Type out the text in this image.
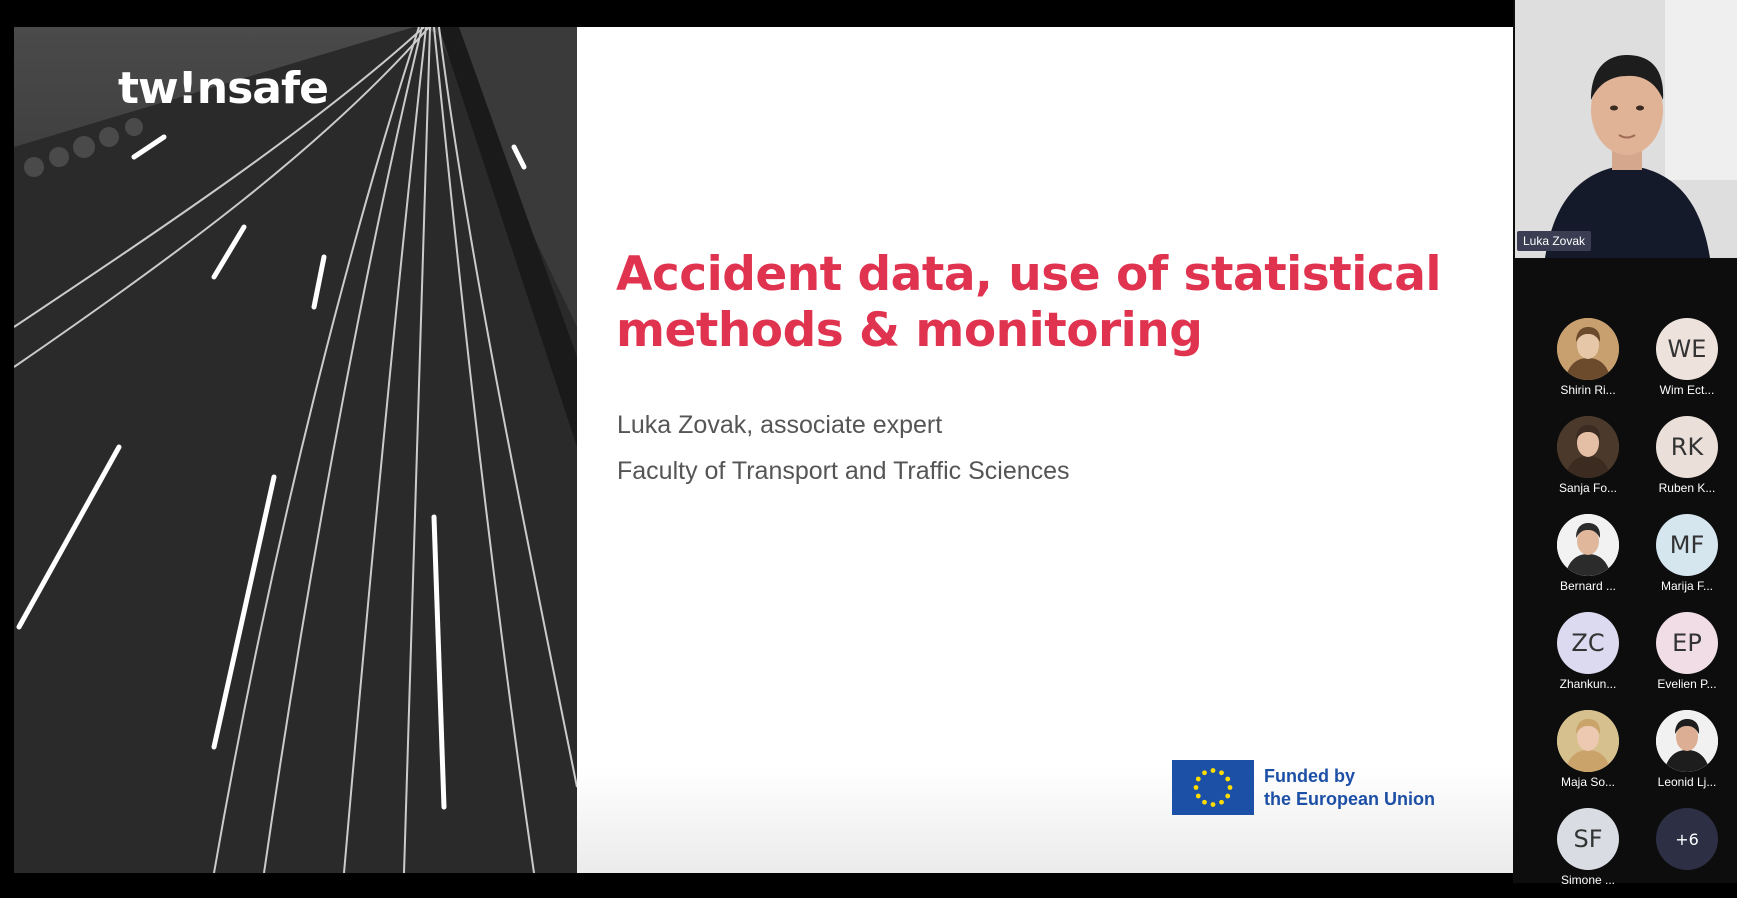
tw!nsafe
Accident data, use of statistical
methods & monitoring
Luka Zovak, associate expert
Faculty of Transport and Traffic Sciences
Funded by
the European Union
Luka Zovak
Shirin Ri...
WE
Wim Ect...
Sanja Fo...
RK
Ruben K...
Bernard ...
MF
Marija F...
ZC
Zhankun...
EP
Evelien P...
Maja So...	Leonid Lj...
SF
Simone ...
+6
